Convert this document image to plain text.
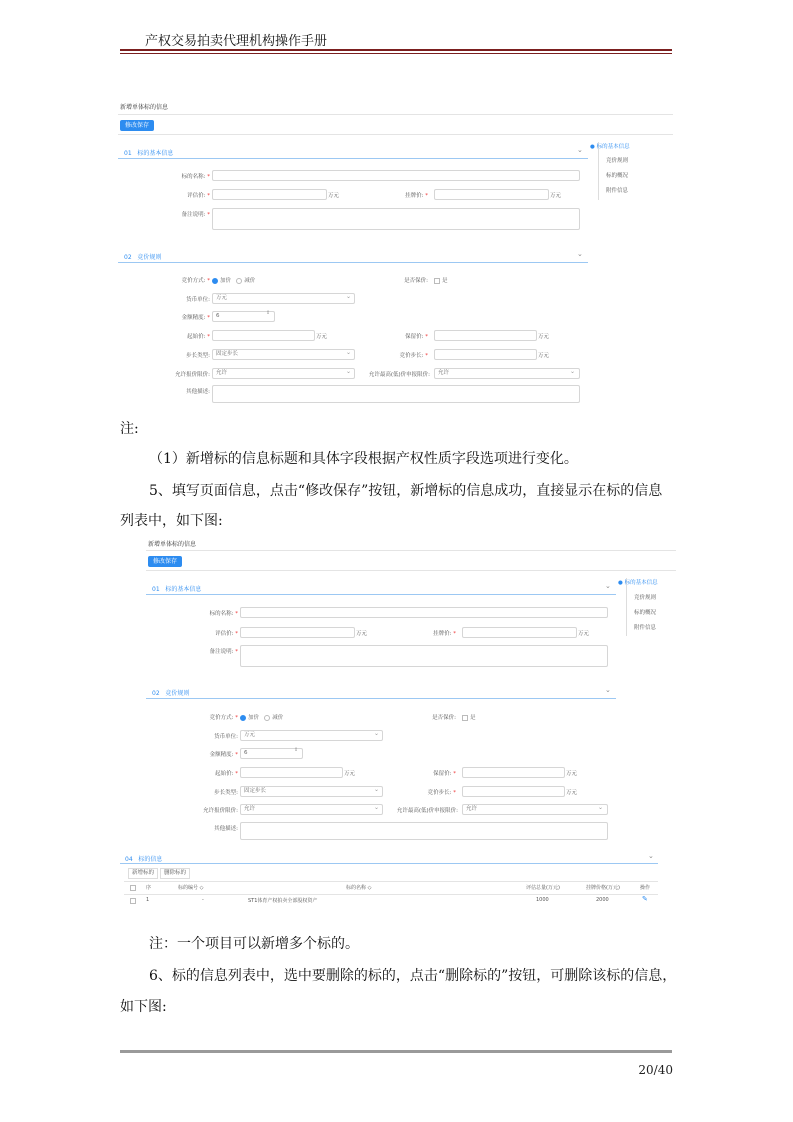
产权交易拍卖代理机构操作手册
新增单体标的信息
修改保存
01 标的基本信息	⌄
标的名称: *
评估价: *	万元	挂牌价: *	万元
备注说明: *
02 竞价规则	⌄
竞价方式: *	加价 减价	是否保价:	是
货币单位:	万元	⌄
金额精度: *	6	⇕
起始价: *	万元	保留价: *	万元
步长类型:	固定步长	⌄	竞价步长: *	万元
允许报价限价:	允许	⌄	允许最高(低)价申报限价:	允许	⌄
其他描述:
● 标的基本信息
竞价规则
标的概况
附件信息
注:
（1）新增标的信息标题和具体字段根据产权性质字段选项进行变化。
5、填写页面信息，点击“修改保存”按钮，新增标的信息成功，直接显示在标的信息
列表中，如下图:
新增单体标的信息
修改保存
01 标的基本信息	⌄
标的名称: *
评估价: *	万元	挂牌价: *	万元
备注说明: *
02 竞价规则	⌄
竞价方式: *	加价 减价	是否保价:	是
货币单位:	万元	⌄
金额精度: *	6	⇕
起始价: *	万元	保留价: *	万元
步长类型:	固定步长	⌄	竞价步长: *	万元
允许报价限价:	允许	⌄	允许最高(低)价申报限价:	允许	⌄
其他描述:
● 标的基本信息
竞价规则
标的概况
附件信息
04 标的信息	⌄
新增标的	删除标的
序	标的编号 ◇	标的名称 ◇	评估总量(万元)	挂牌价格(万元)	操作
1	-	ST1体育产权拍卖全部股权资产	1000	2000	✎
注：一个项目可以新增多个标的。
6、标的信息列表中，选中要删除的标的，点击“删除标的”按钮，可删除该标的信息，
如下图:
20/40
